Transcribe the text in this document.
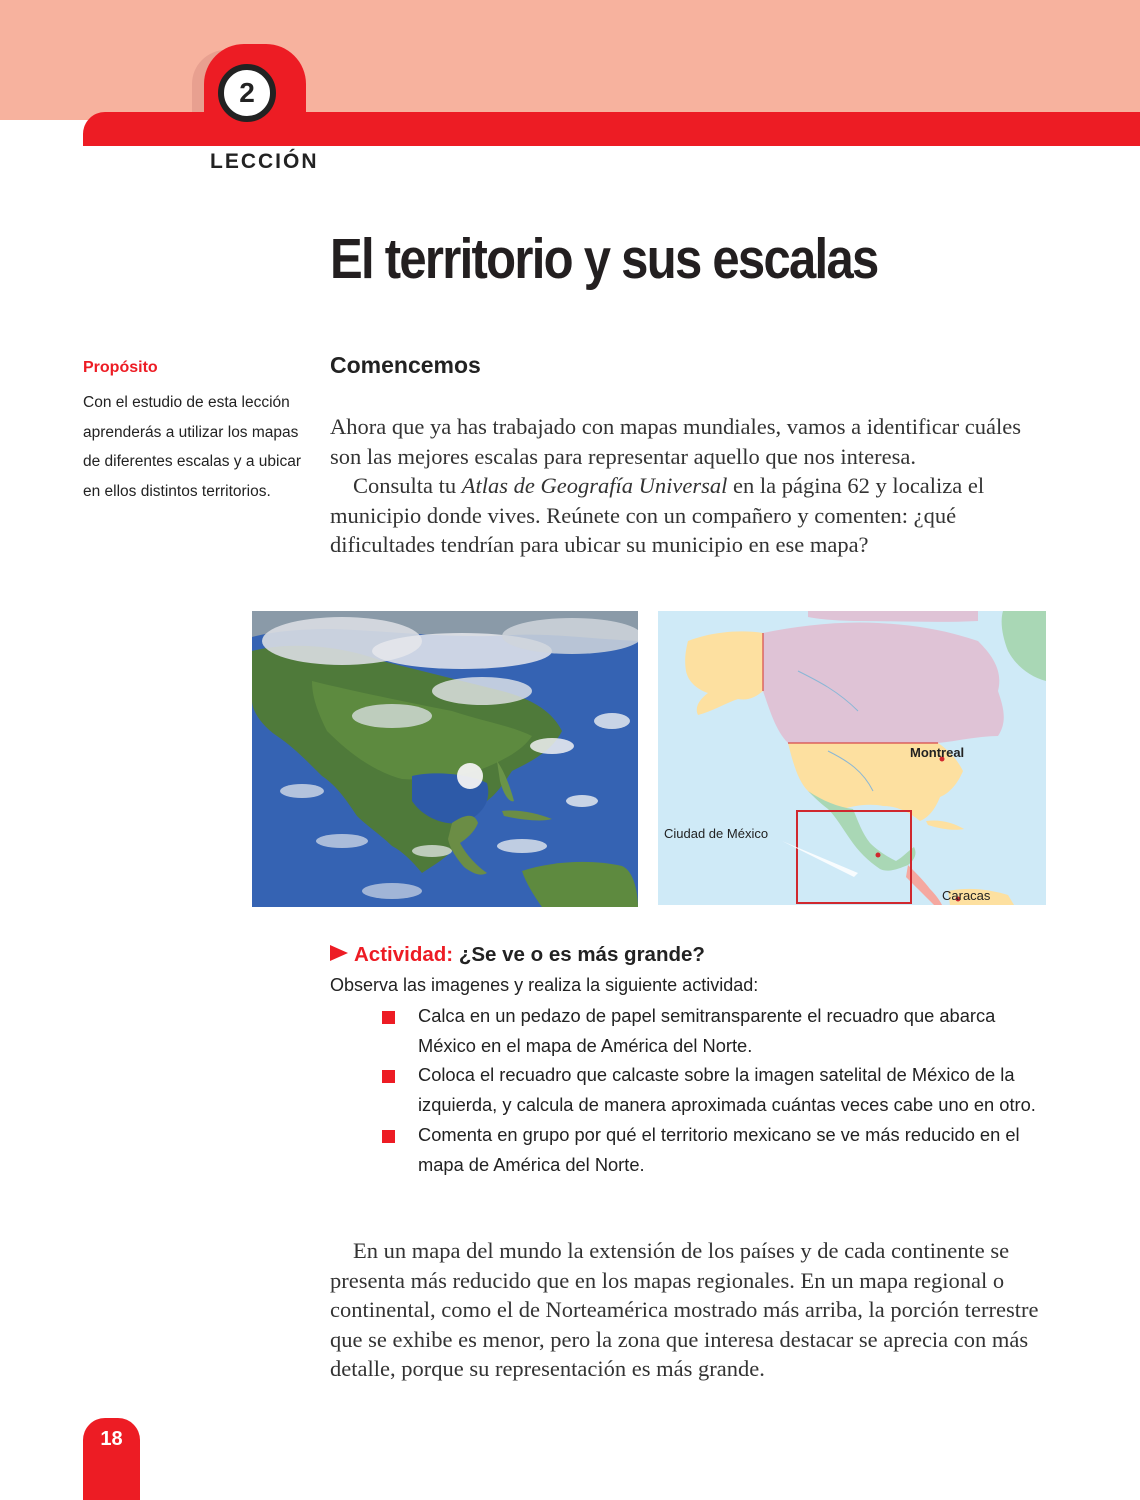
2
LECCIÓN
El territorio y sus escalas
Propósito
Con el estudio de esta lección aprenderás a utilizar los mapas de diferentes escalas y a ubicar en ellos distintos territorios.
Comencemos

Ahora que ya has trabajado con mapas mundiales, vamos a identificar cuáles son las mejores escalas para representar aquello que nos interesa.

Consulta tu Atlas de Geografía Universal en la página 62 y localiza el municipio donde vives. Reúnete con un compañero y comenten: ¿qué dificultades tendrían para ubicar su municipio en ese mapa?

Montreal
Ciudad de México
Caracas
Actividad: ¿Se ve o es más grande?
Observa las imagenes y realiza la siguiente actividad:
Calca en un pedazo de papel semitransparente el recuadro que abarca México en el mapa de América del Norte.
Coloca el recuadro que calcaste sobre la imagen satelital de México de la izquierda, y calcula de manera aproximada cuántas veces cabe uno en otro.
Comenta en grupo por qué el territorio mexicano se ve más reducido en el mapa de América del Norte.

En un mapa del mundo la extensión de los países y de cada continente se presenta más reducido que en los mapas regionales. En un mapa regional o continental, como el de Norteamérica mostrado más arriba, la porción terrestre que se exhibe es menor, pero la zona que interesa destacar se aprecia con más detalle, porque su representación es más grande.

18
